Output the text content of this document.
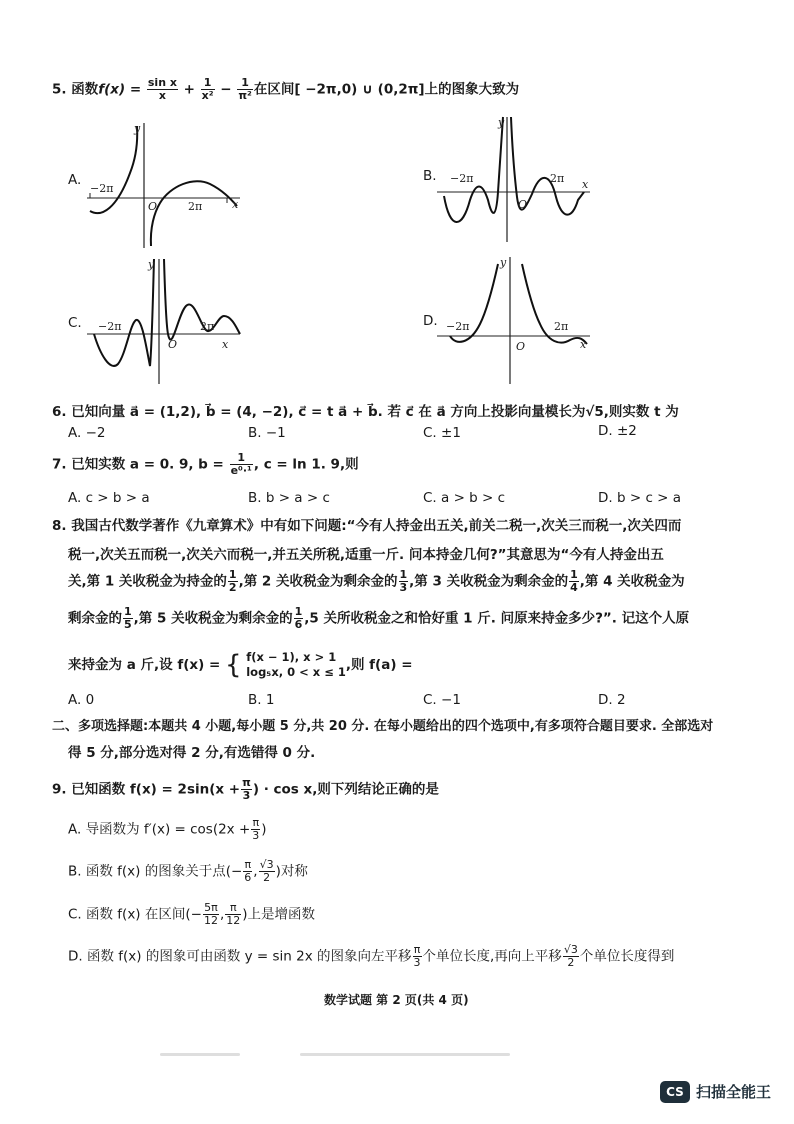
5. 函数$f(x) = \frac{\text{sin x}}{x} + \frac{1}{\text{x²}} - \frac{1}{\text{π²}}$ 在区间[ −2π,0) ∪ (0,2π]上的图象大致为
A.
y
x
O
−2π
2π
B.
y
x
O
−2π	2π
C.
y
x
O
−2π	2π	D.
y
x
O
−2π	2π
6. 已知向量 a⃗ = (1,2), b⃗ = (4, −2), c⃗ = t a⃗ + b⃗. 若 c⃗ 在 a⃗ 方向上投影向量模长为√5,则实数 t 为
A. −2	B. −1	C. ±1	D. ±2
7. 已知实数 a = 0. 9, $b = \frac{1}{\text{e⁰·¹}}$ , c = ln 1. 9,则
A. c > b > a	B. b > a > c	C. a > b > c	D. b > c > a
8. 我国古代数学著作《九章算术》中有如下问题:“今有人持金出五关,前关二税一,次关三而税一,次关四而
税一,次关五而税一,次关六而税一,并五关所税,适重一斤. 问本持金几何?”其意思为“今有人持金出五
关,第 1 关收税金为持金的 $\frac{1}{2}$ ,第 2 关收税金为剩余金的 $\frac{1}{3}$ ,第 3 关收税金为剩余金的 $\frac{1}{4}$ ,第 4 关收税金为
剩余金的 $\frac{1}{5}$ ,第 5 关收税金为剩余金的 $\frac{1}{6} ,5$ 关所收税金之和恰好重 1 斤. 问原来持金多少?”. 记这个人原
来持金为 a 斤,设 f(x) = { f(x − 1), x > 1
log₅x, 0 < x ≤ 1 ,则 f(a) =
A. 0	B. 1	C. −1	D. 2
二、多项选择题:本题共 4 小题,每小题 5 分,共 20 分. 在每小题给出的四个选项中,有多项符合题目要求. 全部选对
得 5 分,部分选对得 2 分,有选错得 0 分.
9. 已知函数 $f(x) = 2\sin(x + \frac{\pi}{3}$ ) · cos x,则下列结论正确的是
A. 导函数为 $f'(x) = \cos(2x + \frac{\pi}{3}$ )
B. 函数 f(x) 的图象关于点(− $\frac{\pi}{6}$ , $\frac{√3}{2}$ )对称
C. 函数 f(x) 在区间(− $\frac{5\pi}{12}$ , $\frac{\pi}{12}$ )上是增函数
D. 函数 f(x) 的图象可由函数 y = sin 2x 的图象向左平移 $\frac{\pi}{3}$ 个单位长度,再向上平移 $\frac{√3}{2}$ 个单位长度得到
数学试题 第 2 页(共 4 页)
CS 扫描全能王
